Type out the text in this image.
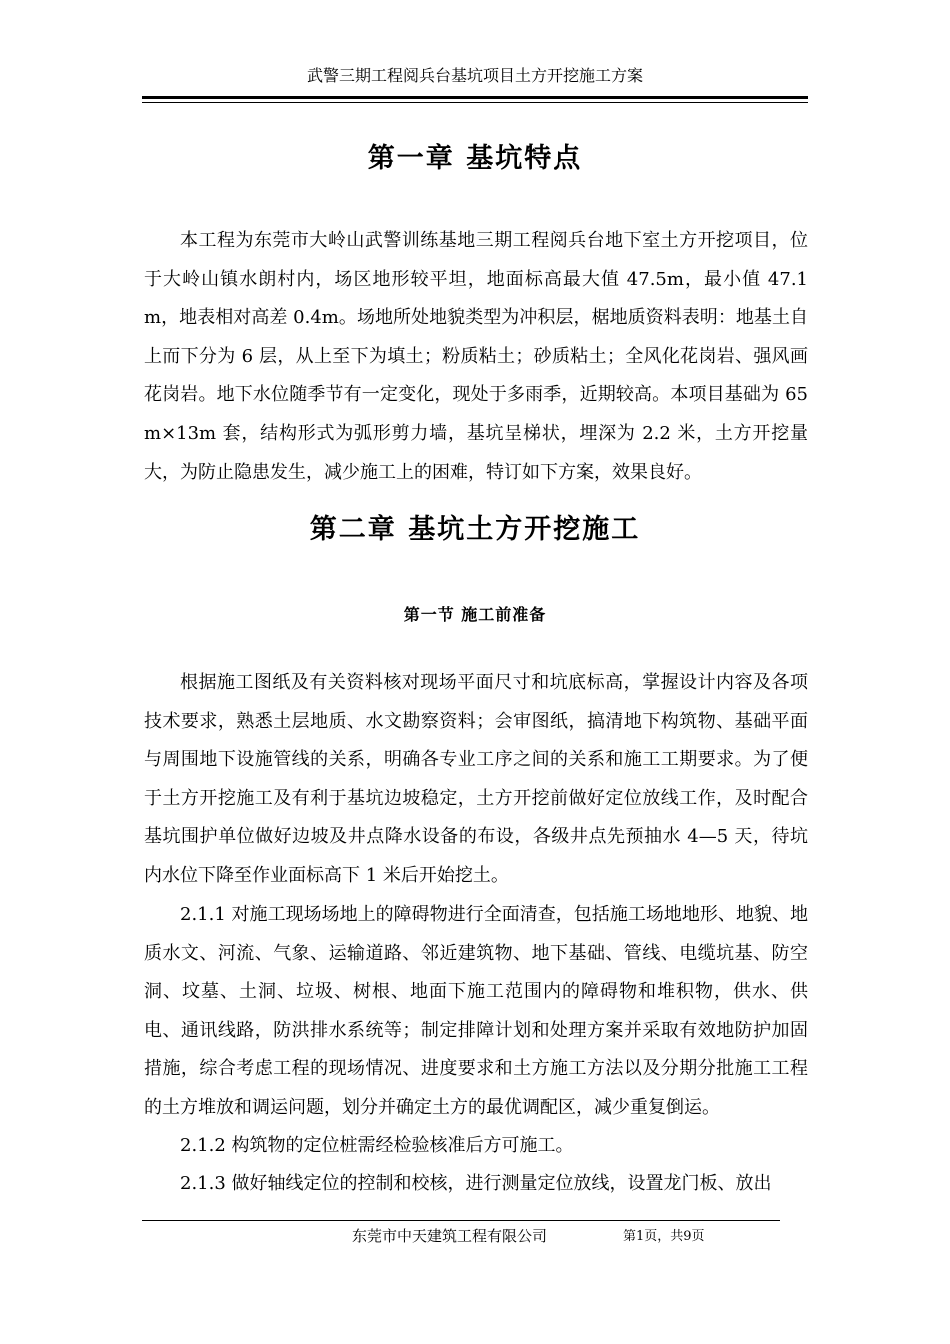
武警三期工程阅兵台基坑项目土方开挖施工方案
第一章 基坑特点

本工程为东莞市大岭山武警训练基地三期工程阅兵台地下室土方开挖项目，位于大岭山镇水朗村内，场区地形较平坦，地面标高最大值 47.5m，最小值 47.1m，地表相对高差 0.4m。场地所处地貌类型为冲积层，椐地质资料表明：地基土自上而下分为 6 层，从上至下为填土；粉质粘土；砂质粘土；全风化花岗岩、强风画花岗岩。地下水位随季节有一定变化，现处于多雨季，近期较高。本项目基础为 65m×13m 套，结构形式为弧形剪力墙，基坑呈梯状，埋深为 2.2 米，土方开挖量大，为防止隐患发生，减少施工上的困难，特订如下方案，效果良好。

第二章 基坑土方开挖施工
第一节 施工前准备

根据施工图纸及有关资料核对现场平面尺寸和坑底标高，掌握设计内容及各项技术要求，熟悉土层地质、水文勘察资料；会审图纸，搞清地下构筑物、基础平面与周围地下设施管线的关系，明确各专业工序之间的关系和施工工期要求。为了便于土方开挖施工及有利于基坑边坡稳定，土方开挖前做好定位放线工作，及时配合基坑围护单位做好边坡及井点降水设备的布设，各级井点先预抽水 4—5 天，待坑内水位下降至作业面标高下 1 米后开始挖土。

2.1.1 对施工现场场地上的障碍物进行全面清查，包括施工场地地形、地貌、地质水文、河流、气象、运输道路、邻近建筑物、地下基础、管线、电缆坑基、防空洞、坟墓、土洞、垃圾、树根、地面下施工范围内的障碍物和堆积物，供水、供电、通讯线路，防洪排水系统等；制定排障计划和处理方案并采取有效地防护加固措施，综合考虑工程的现场情况、进度要求和土方施工方法以及分期分批施工工程的土方堆放和调运问题，划分并确定土方的最优调配区，减少重复倒运。

2.1.2 构筑物的定位桩需经检验核准后方可施工。

2.1.3 做好轴线定位的控制和校核，进行测量定位放线，设置龙门板、放出

东莞市中天建筑工程有限公司	第1页，共9页
